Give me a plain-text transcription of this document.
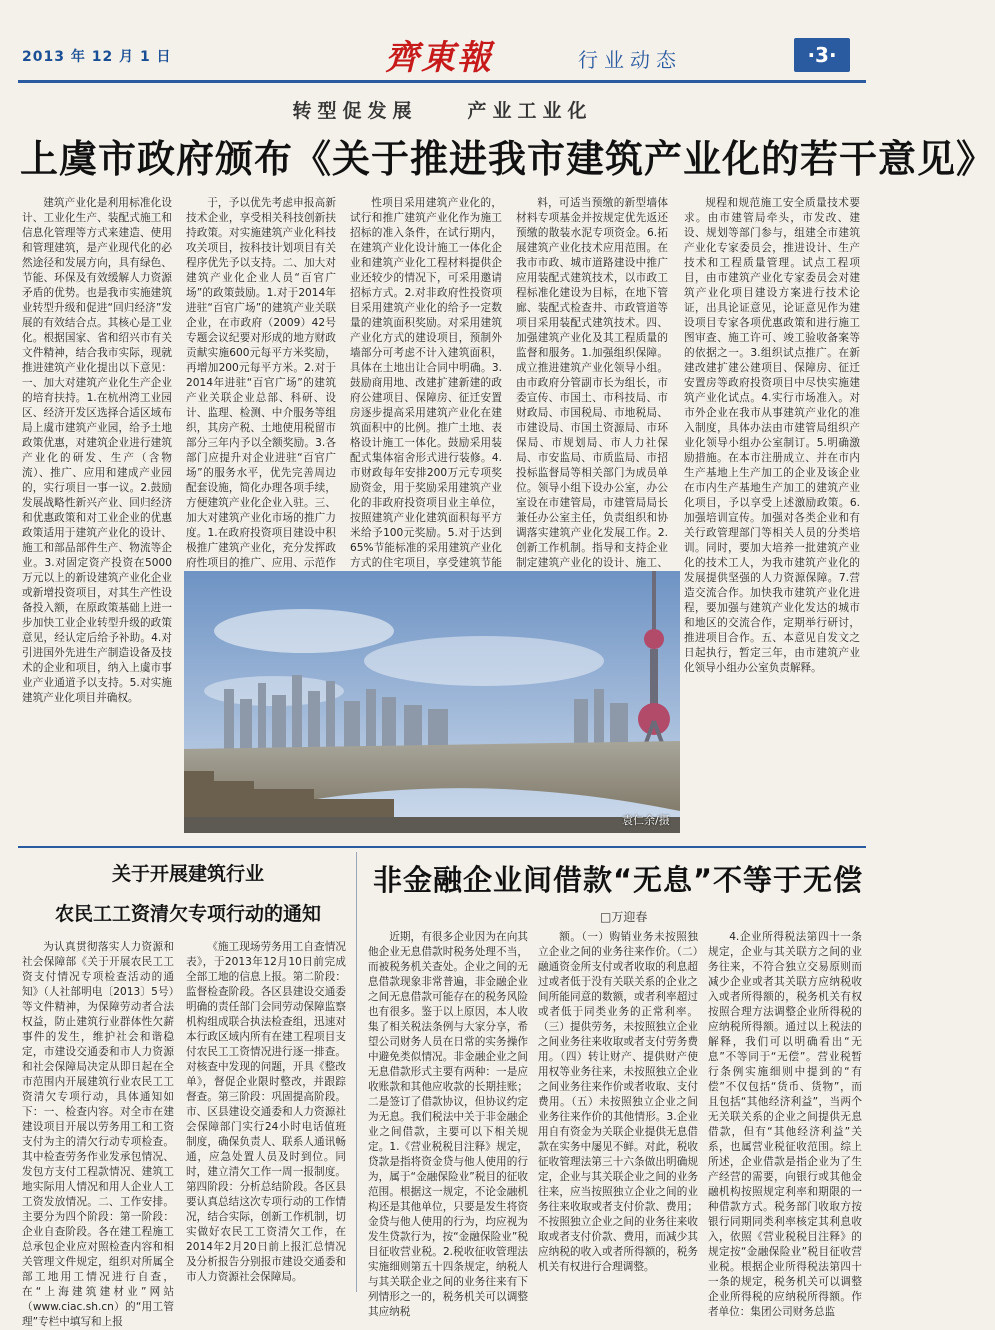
2013 年 12 月 1 日	齊東報	行业动态	·3·
转型促发展　　产业工业化
上虞市政府颁布《关于推进我市建筑产业化的若干意见》

建筑产业化是利用标准化设计、工业化生产、装配式施工和信息化管理等方式来建造、使用和管理建筑，是产业现代化的必然途径和发展方向，具有绿色、节能、环保及有效缓解人力资源矛盾的优势。也是我市实施建筑业转型升级和促进“回归经济”发展的有效结合点。其核心是工业化。根据国家、省和绍兴市有关文件精神，结合我市实际，现就推进建筑产业化提出以下意见：一、加大对建筑产业化生产企业的培育扶持。1.在杭州湾工业园区、经济开发区选择合适区域布局上虞市建筑产业园，给予土地政策优惠，对建筑企业进行建筑产业化的研发、生产（含物流）、推广、应用和建成产业园的，实行项目一事一议。2.鼓励发展战略性新兴产业、回归经济和优惠政策和对工业企业的优惠政策适用于建筑产业化的设计、施工和部品部件生产、物流等企业。3.对固定资产投资在5000万元以上的新设建筑产业化企业或新增投资项目，对其生产性设备投入额，在原政策基础上进一步加快工业企业转型升级的政策意见，经认定后给予补助。4.对引进国外先进生产制造设备及技术的企业和项目，纳入上虞市事业产业通道予以支持。5.对实施建筑产业化项目并确权。

于，予以优先考虑申报高新技术企业，享受相关科技创新扶持政策。对实施建筑产业化科技攻关项目，按科技计划项目有关程序优先予以支持。二、加大对建筑产业化企业人员“百官广场”的政策鼓励。1.对于2014年进驻“百官广场”的建筑产业关联企业，在市政府（2009）42号专题会议纪要对形成的地方财政贡献实施600元每平方米奖励，再增加200元每平方米。2.对于2014年进驻“百官广场”的建筑产业关联企业总部、科研、设计、监理、检测、中介服务等组织，其房产税、土地使用税留市部分三年内予以全额奖励。3.各部门应提升对企业进驻“百官广场”的服务水平，优先完善周边配套设施，简化办理各项手续，方便建筑产业化企业入驻。三、加大对建筑产业化市场的推广力度。1.在政府投资项目建设中积极推广建筑产业化，充分发挥政府性项目的推广、应用、示范作

性项目采用建筑产业化的，试行和推广建筑产业化作为施工招标的准入条件，在试行期内，在建筑产业化设计施工一体化企业和建筑产业化工程材料提供企业还较少的情况下，可采用邀请招标方式。2.对非政府性投资项目采用建筑产业化的给予一定数量的建筑面积奖励。对采用建筑产业化方式的建设项目，预制外墙部分可考虑不计入建筑面积，具体在土地出让合同中明确。3.鼓励商用地、改建扩建新建的政府公建项目、保障房、征迁安置房逐步提高采用建筑产业化在建筑面积中的比例。推广土地、表格设计施工一体化。鼓励采用装配式集体宿舍形式进行装修。4.市财政每年安排200万元专项奖励资金，用于奖励采用建筑产业化的非政府投资项目业主单位，按照建筑产业化建筑面积每平方米给予100元奖励。5.对于达到65%节能标准的采用建筑产业化方式的住宅项目，享受建筑节能

料，可适当预缴的新型墙体材料专项基金并按规定优先返还预缴的散装水泥专项资金。6.拓展建筑产业化技术应用范围。在我市市政、城市道路建设中推广应用装配式建筑技术，以市政工程标准化建设为目标，在地下管廊、装配式检查井、市政管道等项目采用装配式建筑技术。四、加强建筑产业化及其工程质量的监督和服务。1.加强组织保障。成立推进建筑产业化领导小组。由市政府分管副市长为组长，市委宣传、市国土、市科技局、市财政局、市国税局、市地税局、市建设局、市国土资源局、市环保局、市规划局、市人力社保局、市安监局、市质监局、市招投标监督局等相关部门为成员单位。领导小组下设办公室，办公室设在市建管局，市建管局局长兼任办公室主任，负责组织和协调落实建筑产业化发展工作。2.创新工作机制。指导和支持企业制定建筑产业化的设计、施工、

规程和规范施工安全质量技术要求。由市建管局牵头，市发改、建设、规划等部门参与，组建全市建筑产业化专家委员会，推进设计、生产技术和工程质量管理。试点工程项目，由市建筑产业化专家委员会对建筑产业化项目建设方案进行技术论证，出具论证意见，论证意见作为建设项目专家各项优惠政策和进行施工图审查、施工许可、竣工验收备案等的依据之一。3.组织试点推广。在新建改建扩建公建项目、保障房、征迁安置房等政府投资项目中尽快实施建筑产业化试点。4.实行市场准入。对市外企业在我市从事建筑产业化的准入制度，具体办法由市建管局组织产业化领导小组办公室制订。5.明确激励措施。在本市注册成立、并在市内生产基地上生产加工的企业及该企业在市内生产基地生产加工的建筑产业化项目，予以享受上述激励政策。6.加强培训宣传。加强对各类企业和有关行政管理部门等相关人员的分类培训。同时，要加大培养一批建筑产业化的技术工人，为我市建筑产业化的发展提供坚强的人力资源保障。7.营造交流合作。加快我市建筑产业化进程，要加强与建筑产业化发达的城市和地区的交流合作，定期举行研讨，推进项目合作。五、本意见自发文之日起执行，暂定三年，由市建筑产业化领导小组办公室负责解释。

袁仁余/摄
关于开展建筑行业
农民工工资清欠专项行动的通知

为认真贯彻落实人力资源和社会保障部《关于开展农民工工资支付情况专项检查活动的通知》（人社部明电〔2013〕5号）等文件精神，为保障劳动者合法权益，防止建筑行业群体性欠薪事件的发生，维护社会和谐稳定，市建设交通委和市人力资源和社会保障局决定从即日起在全市范围内开展建筑行业农民工工资清欠专项行动，具体通知如下：一、检查内容。对全市在建建设项目开展以劳务用工和工资支付为主的清欠行动专项检查。其中检查劳务作业发承包情况、发包方支付工程款情况、建筑工地实际用人情况和用人企业人工工资发放情况。二、工作安排。主要分为四个阶段：第一阶段：企业自查阶段。各在建工程施工总承包企业应对照检查内容和相关管理文件规定，组织对所属全部工地用工情况进行自查，在“上海建筑建材业”网站（www.ciac.sh.cn）的“用工管理”专栏中填写和上报

《施工现场劳务用工自查情况表》，于2013年12月10日前完成全部工地的信息上报。第二阶段：监督检查阶段。各区县建设交通委明确的责任部门会同劳动保障监察机构组成联合执法检查组，迅速对本行政区域内所有在建工程项目支付农民工工资情况进行逐一排查。对核查中发现的问题，开具《整改单》，督促企业限时整改，并跟踪督查。第三阶段：巩固提高阶段。市、区县建设交通委和人力资源社会保障部门实行24小时电话值班制度，确保负责人、联系人通讯畅通，应急处置人员及时到位。同时，建立清欠工作一周一报制度。第四阶段：分析总结阶段。各区县要认真总结这次专项行动的工作情况，结合实际，创新工作机制，切实做好农民工工资清欠工作，在2014年2月20日前上报汇总情况及分析报告分别报市建设交通委和市人力资源社会保障局。

非金融企业间借款“无息”不等于无偿
□万迎春

近期，有很多企业因为在向其他企业无息借款时税务处理不当，而被税务机关查处。企业之间的无息借款现象非常普遍，非金融企业之间无息借款可能存在的税务风险也有很多。鉴于以上原因，本人收集了相关税法条例与大家分享，希望公司财务人员在日常的实务操作中避免类似情况。非金融企业之间无息借款形式主要有两种：一是应收账款和其他应收款的长期挂账；二是签订了借款协议，但协议约定为无息。我们税法中关于非金融企业之间借款，主要可以下相关规定。1.《营业税税目注释》规定，贷款是指将资金贷与他人使用的行为，属于“金融保险业”税目的征收范围。根据这一规定，不论金融机构还是其他单位，只要是发生将资金贷与他人使用的行为，均应视为发生贷款行为，按“金融保险业”税目征收营业税。2.税收征收管理法实施细则第五十四条规定，纳税人与其关联企业之间的业务往来有下列情形之一的，税务机关可以调整其应纳税

额。（一）购销业务未按照独立企业之间的业务往来作价。（二）融通资金所支付或者收取的利息超过或者低于没有关联关系的企业之间所能同意的数额，或者利率超过或者低于同类业务的正常利率。（三）提供劳务，未按照独立企业之间业务往来收取或者支付劳务费用。（四）转让财产、提供财产使用权等业务往来，未按照独立企业之间业务往来作价或者收取、支付费用。（五）未按照独立企业之间业务往来作价的其他情形。3.企业用自有资金为关联企业提供无息借款在实务中屡见不鲜。对此，税收征收管理法第三十六条做出明确规定，企业与其关联企业之间的业务往来，应当按照独立企业之间的业务往来收取或者支付价款、费用；不按照独立企业之间的业务往来收取或者支付价款、费用，而减少其应纳税的收入或者所得额的，税务机关有权进行合理调整。

4.企业所得税法第四十一条规定，企业与其关联方之间的业务往来，不符合独立交易原则而减少企业或者其关联方应纳税收入或者所得额的，税务机关有权按照合理方法调整企业所得税的应纳税所得额。通过以上税法的解释，我们可以明确看出“无息”不等同于“无偿”。营业税暂行条例实施细则中提到的“有偿”不仅包括“货币、货物”，而且包括“其他经济利益”，当两个无关联关系的企业之间提供无息借款，但有“其他经济利益”关系，也属营业税征收范围。综上所述，企业借款是指企业为了生产经营的需要，向银行或其他金融机构按照规定利率和期限的一种借款方式。税务部门收取方按银行同期同类利率核定其利息收入，依照《营业税税目注释》的规定按“金融保险业”税目征收营业税。根据企业所得税法第四十一条的规定，税务机关可以调整企业所得税的应纳税所得额。作者单位：集团公司财务总监
